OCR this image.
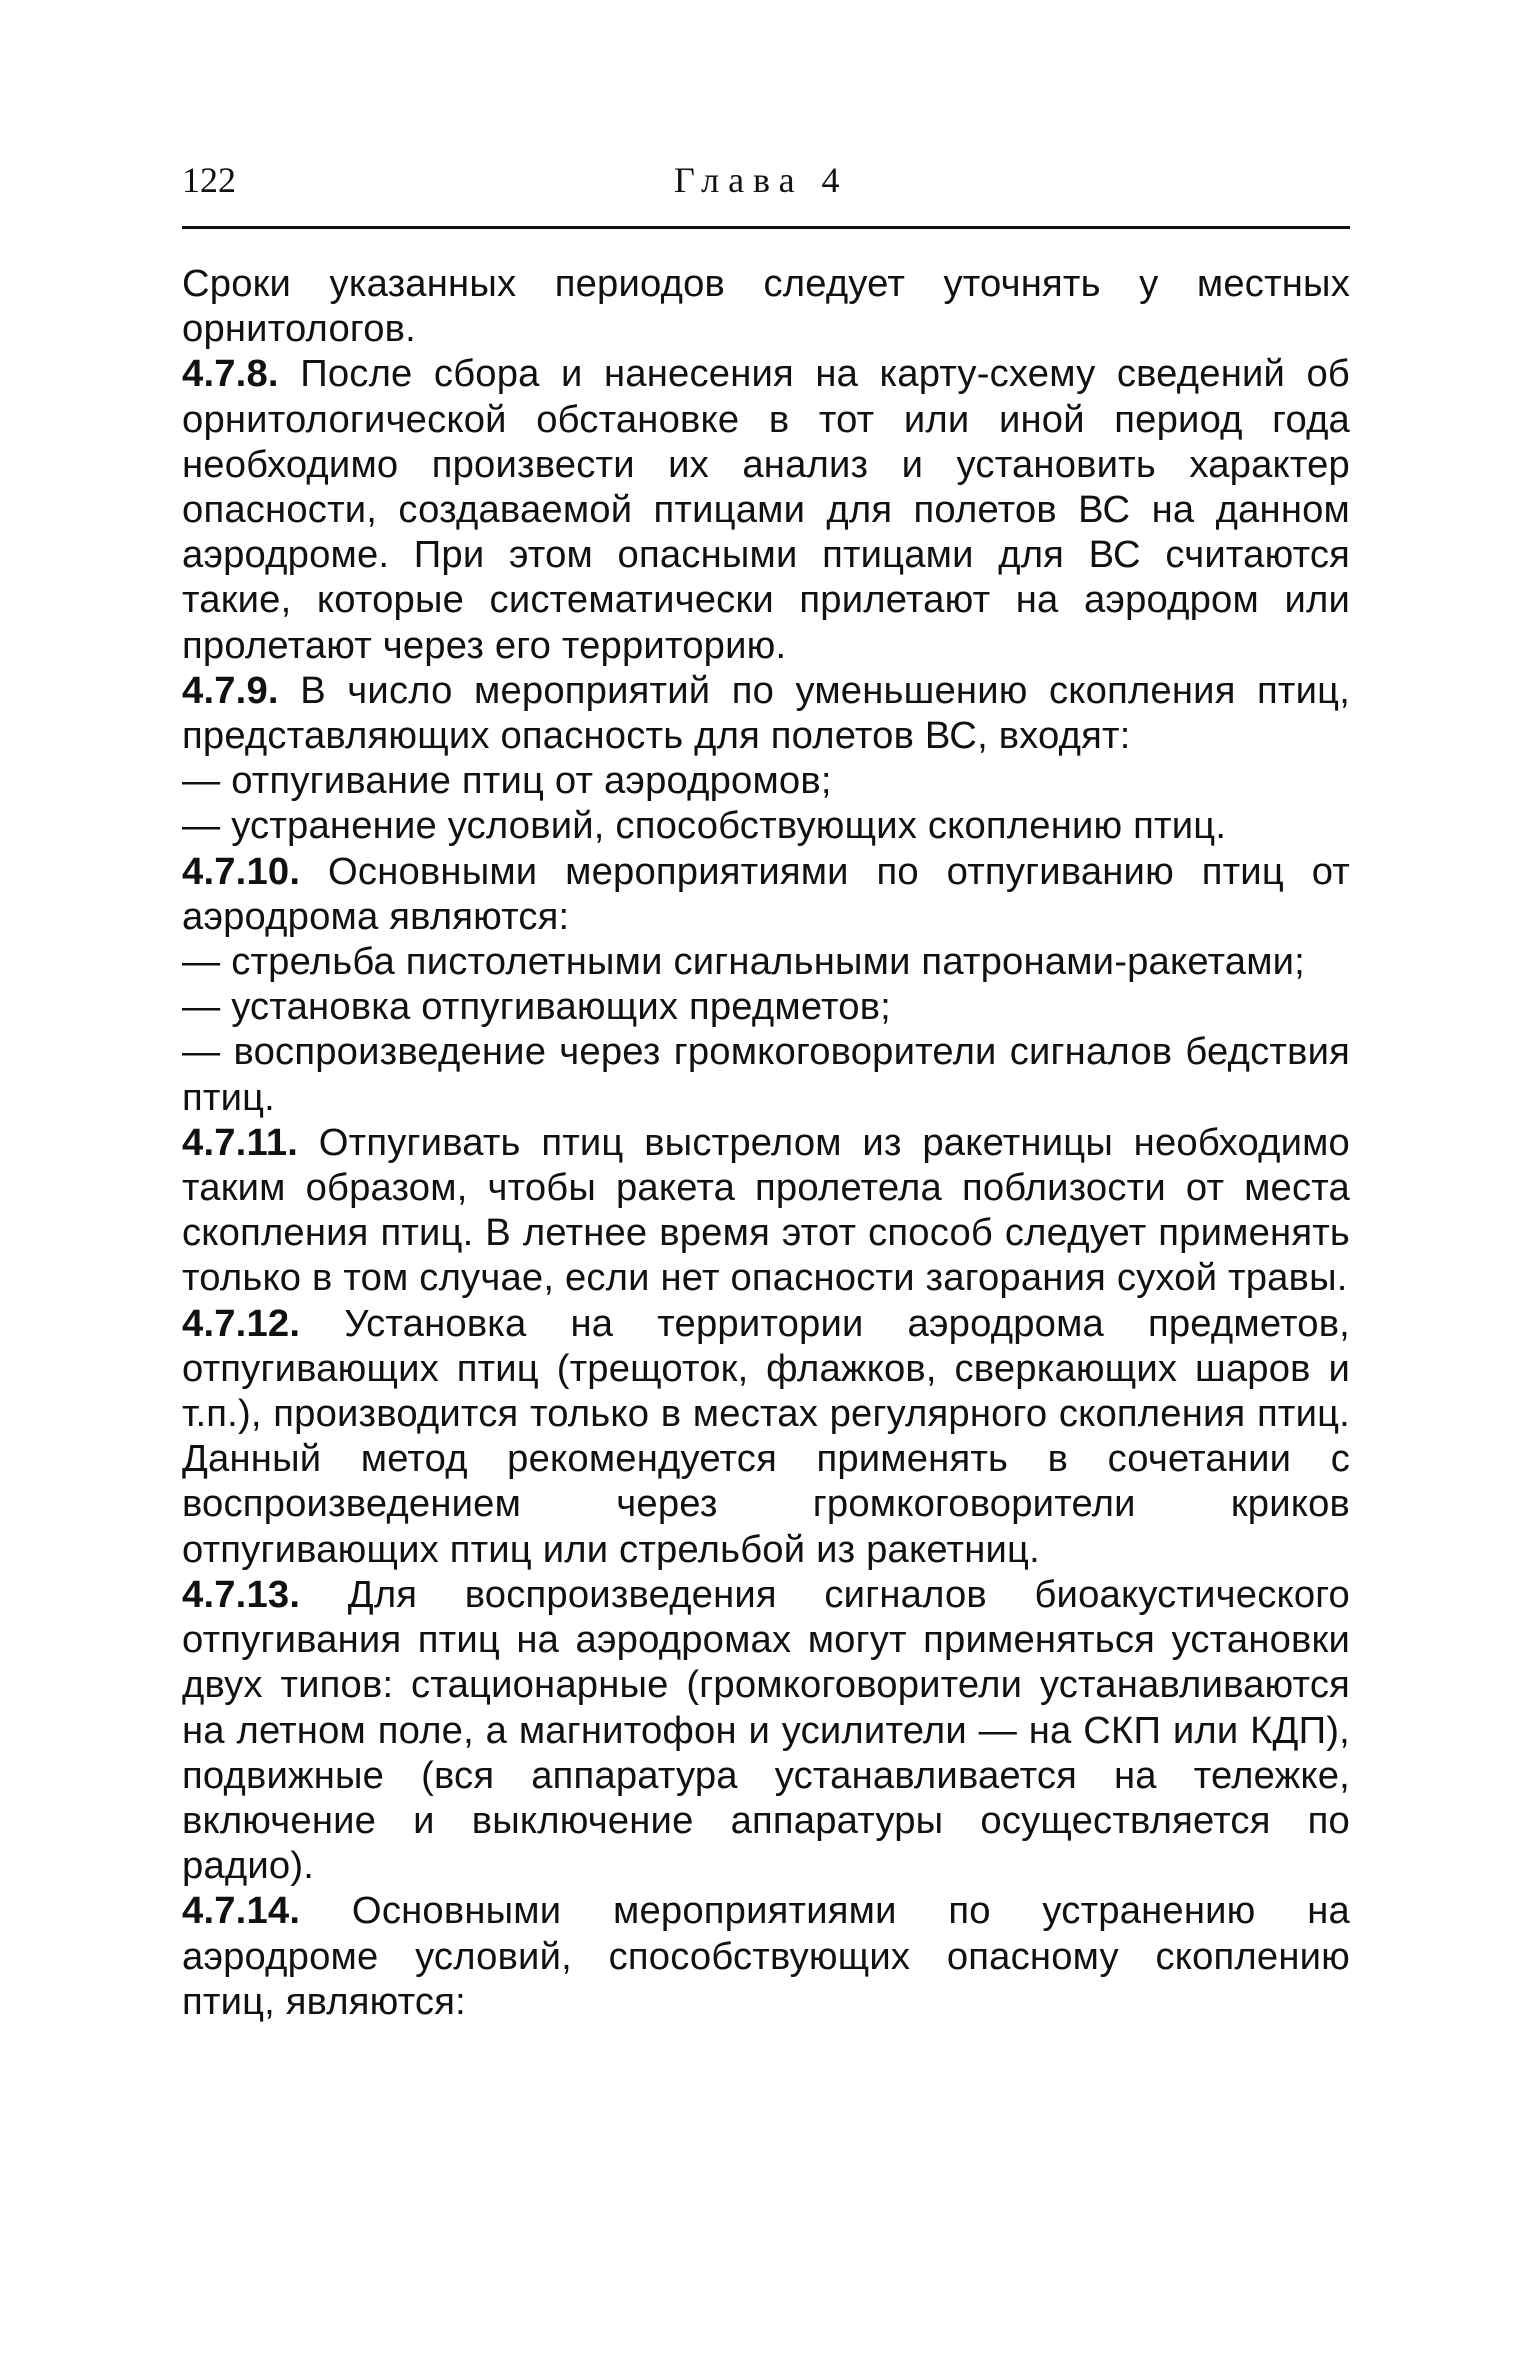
122	Глава 4

Сроки указанных периодов следует уточнять у местных орнитологов.

4.7.8. После сбора и нанесения на карту-схему сведений об орнитологической обстановке в тот или иной период года необходимо произвести их анализ и установить характер опасности, создаваемой птицами для полетов ВС на данном аэродроме. При этом опасными птицами для ВС считаются такие, которые систематически прилетают на аэродром или пролетают через его территорию.

4.7.9. В число мероприятий по уменьшению скопления птиц, представляющих опасность для полетов ВС, входят:

— отпугивание птиц от аэродромов;

— устранение условий, способствующих скоплению птиц.

4.7.10. Основными мероприятиями по отпугиванию птиц от аэродрома являются:

— стрельба пистолетными сигнальными патронами-ракетами;

— установка отпугивающих предметов;

— воспроизведение через громкоговорители сигналов бедствия птиц.

4.7.11. Отпугивать птиц выстрелом из ракетницы необходимо таким образом, чтобы ракета пролетела поблизости от места скопления птиц. В летнее время этот способ следует применять только в том случае, если нет опасности загорания сухой травы.

4.7.12. Установка на территории аэродрома предметов, отпугивающих птиц (трещоток, флажков, сверкающих шаров и т.п.), производится только в местах регулярного скопления птиц. Данный метод рекомендуется применять в сочетании с воспроизведением через громкоговорители криков отпугивающих птиц или стрельбой из ракетниц.

4.7.13. Для воспроизведения сигналов биоакустического отпугивания птиц на аэродромах могут применяться установки двух типов: стационарные (громкоговорители устанавливаются на летном поле, а магнитофон и усилители — на СКП или КДП), подвижные (вся аппаратура устанавливается на тележке, включение и выключение аппаратуры осуществляется по радио).

4.7.14. Основными мероприятиями по устранению на аэродроме условий, способствующих опасному скоплению птиц, являются:
